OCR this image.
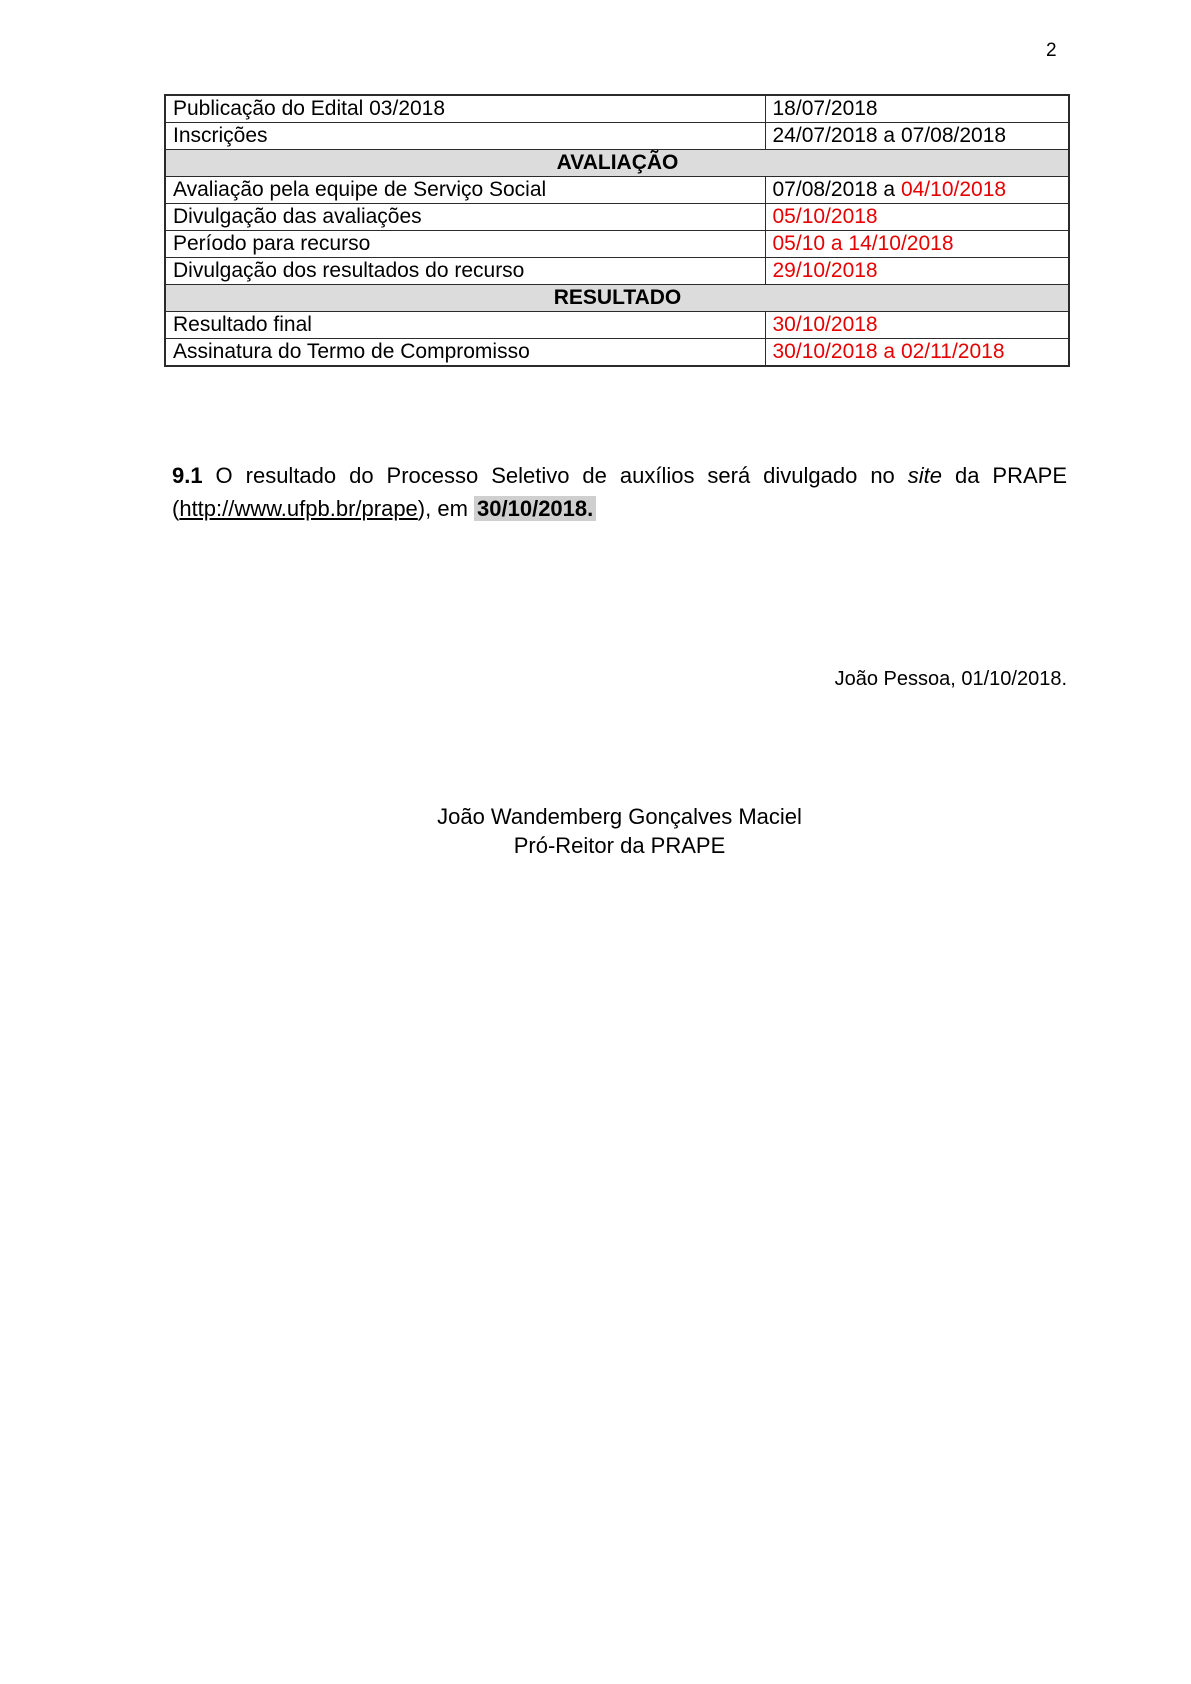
2
Publicação do Edital 03/2018	18/07/2018
Inscrições	24/07/2018 a 07/08/2018
AVALIAÇÃO	
Avaliação pela equipe de Serviço Social	07/08/2018 a 04/10/2018
Divulgação das avaliações	05/10/2018
Período para recurso	05/10 a 14/10/2018
Divulgação dos resultados do recurso	29/10/2018
RESULTADO	
Resultado final	30/10/2018
Assinatura do Termo de Compromisso	30/10/2018 a 02/11/2018
9.1 O resultado do Processo Seletivo de auxílios será divulgado no site da PRAPE
(http://www.ufpb.br/prape), em 30/10/2018.
João Pessoa, 01/10/2018.
João Wandemberg Gonçalves Maciel
Pró-Reitor da PRAPE
